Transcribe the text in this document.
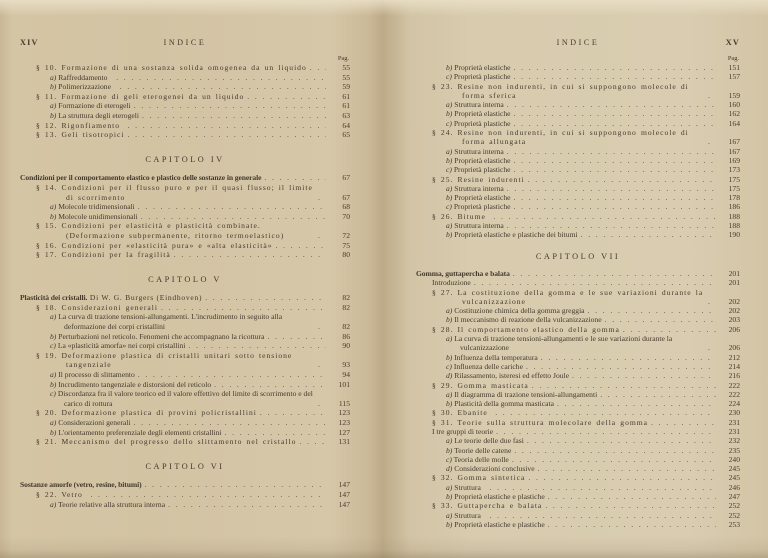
XIV	INDICE
Pag.
§ 10. Formazione di una sostanza solida omogenea da un liquido . . .	55
a) Raffreddamento . . .	55
b) Polimerizzazione . . .	59
§ 11. Formazione di geli eterogenei da un liquido . . .	61
a) Formazione di eterogeli . . .	61
b) La struttura degli eterogeli . . .	63
§ 12. Rigonfiamento . . .	64
§ 13. Geli tisotropici . . .	65
CAPITOLO IV
Condizioni per il comportamento elastico e plastico delle sostanze in generale . . .	67
§ 14. Condizioni per il flusso puro e per il quasi flusso; il limite di scorrimento . . .	67
a) Molecole tridimensionali . . .	68
b) Molecole unidimensionali . . .	70
§ 15. Condizioni per elasticità e plasticità combinate. (Deformazione subpermanente, ritorno termoelastico) . . .	72
§ 16. Condizioni per «elasticità pura» e «alta elasticità» . . .	75
§ 17. Condizioni per la fragilità . . .	80
CAPITOLO V
Plasticità dei cristalli. Di W. G. Burgers (Eindhoven) . . .	82
§ 18. Considerazioni generali . . .	82
a) La curva di trazione tensioni-allungamenti. L'incrudimento in seguito alla deformazione dei corpi cristallini . . .	82
b) Perturbazioni nel reticolo. Fenomeni che accompagnano la ricottura . . .	86
c) La «plasticità amorfa» nei corpi cristallini . . .	90
§ 19. Deformazione plastica di cristalli unitari sotto tensione tangenziale . . .	93
a) Il processo di slittamento . . .	94
b) Incrudimento tangenziale e distorsioni del reticolo . . .	101
c) Discordanza fra il valore teorico ed il valore effettivo del limite di scorrimento e del carico di rottura . . .	115
§ 20. Deformazione plastica di provini policristallini . . .	123
a) Considerazioni generali . . .	123
b) L'orientamento preferenziale degli elementi cristallini . . .	127
§ 21. Meccanismo del progresso dello slittamento nel cristallo . . .	131
CAPITOLO VI
Sostanze amorfe (vetro, resine, bitumi) . . .	147
§ 22. Vetro . . .	147
a) Teorie relative alla struttura interna . . .	147
INDICE	XV
Pag.
b) Proprietà elastiche . . .	151
c) Proprietà plastiche . . .	157
§ 23. Resine non indurenti, in cui si suppongono molecole di forma sferica . . .	159
a) Struttura interna . . .	160
b) Proprietà elastiche . . .	162
c) Proprietà plastiche . . .	164
§ 24. Resine non indurenti, in cui si suppongono molecole di forma allungata . . .	167
a) Struttura interna . . .	167
b) Proprietà elastiche . . .	169
c) Proprietà plastiche . . .	173
§ 25. Resine indurenti . . .	175
a) Struttura interna . . .	175
b) Proprietà elastiche . . .	178
c) Proprietà plastiche . . .	186
§ 26. Bitume . . .	188
a) Struttura interna . . .	188
b) Proprietà elastiche e plastiche dei bitumi . . .	190
CAPITOLO VII
Gomma, guttapercha e balata . . .	201
Introduzione . . .	201
§ 27. La costituzione della gomma e le sue variazioni durante la vulcanizzazione . . .	202
a) Costituzione chimica della gomma greggia . . .	202
b) Il meccanismo di reazione della vulcanizzazione . . .	203
§ 28. Il comportamento elastico della gomma . . .	206
a) La curva di trazione tensioni-allungamenti e le sue variazioni durante la vulcanizzazione . . .	206
b) Influenza della temperatura . . .	212
c) Influenza delle cariche . . .	214
d) Rilassamento, isteresi ed effetto Joule . . .	216
§ 29. Gomma masticata . . .	222
a) Il diagramma di trazione tensioni-allungamenti . . .	222
b) Plasticità della gomma masticata . . .	224
§ 30. Ebanite . . .	230
§ 31. Teorie sulla struttura molecolare della gomma . . .	231
I tre gruppi di teorie . . .	231
a) Le teorie delle due fasi . . .	232
b) Teorie delle catene . . .	235
c) Teoria delle molle . . .	240
d) Considerazioni conclusive . . .	245
§ 32. Gomma sintetica . . .	245
a) Struttura . . .	246
b) Proprietà elastiche e plastiche . . .	247
§ 33. Guttapercha e balata . . .	252
a) Struttura . . .	252
b) Proprietà elastiche e plastiche . . .	253
